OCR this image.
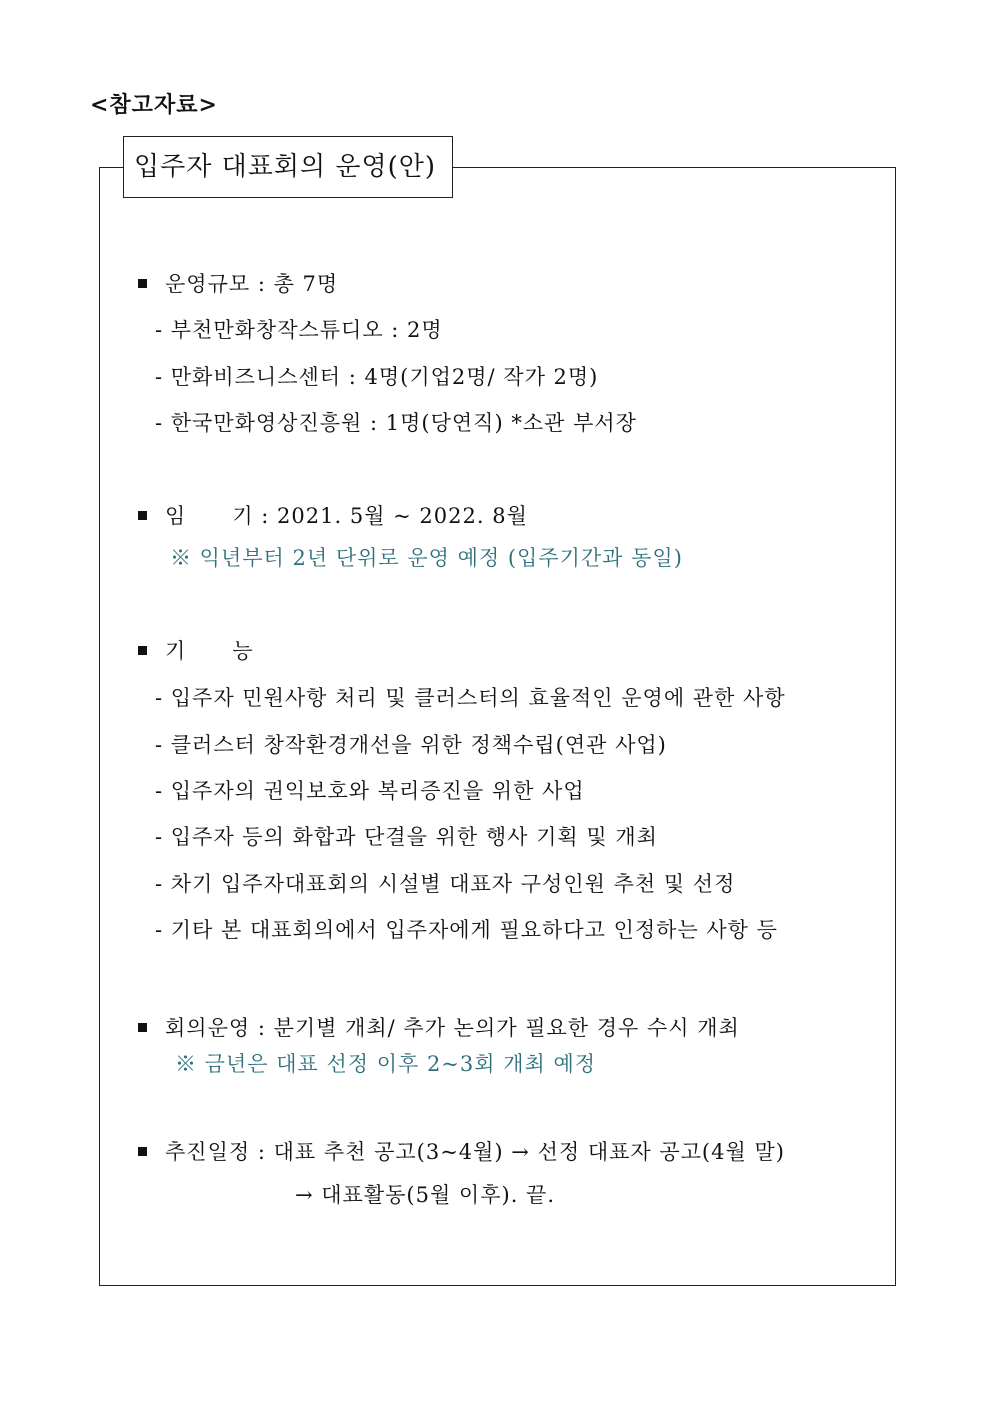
<참고자료>
입주자 대표회의 운영(안)
운영규모 : 총 7명
- 부천만화창작스튜디오 : 2명
- 만화비즈니스센터 : 4명(기업2명/ 작가 2명)
- 한국만화영상진흥원 : 1명(당연직) *소관 부서장
임      기 : 2021. 5월 ~ 2022. 8월
※ 익년부터 2년 단위로 운영 예정 (입주기간과 동일)
기      능
- 입주자 민원사항 처리 및 클러스터의 효율적인 운영에 관한 사항
- 클러스터 창작환경개선을 위한 정책수립(연관 사업)
- 입주자의 권익보호와 복리증진을 위한 사업
- 입주자 등의 화합과 단결을 위한 행사 기획 및 개최
- 차기 입주자대표회의 시설별 대표자 구성인원 추천 및 선정
- 기타 본 대표회의에서 입주자에게 필요하다고 인정하는 사항 등
회의운영 : 분기별 개최/ 추가 논의가 필요한 경우 수시 개최
※ 금년은 대표 선정 이후 2~3회 개최 예정
추진일정 : 대표 추천 공고(3~4월) → 선정 대표자 공고(4월 말)
→ 대표활동(5월 이후). 끝.
